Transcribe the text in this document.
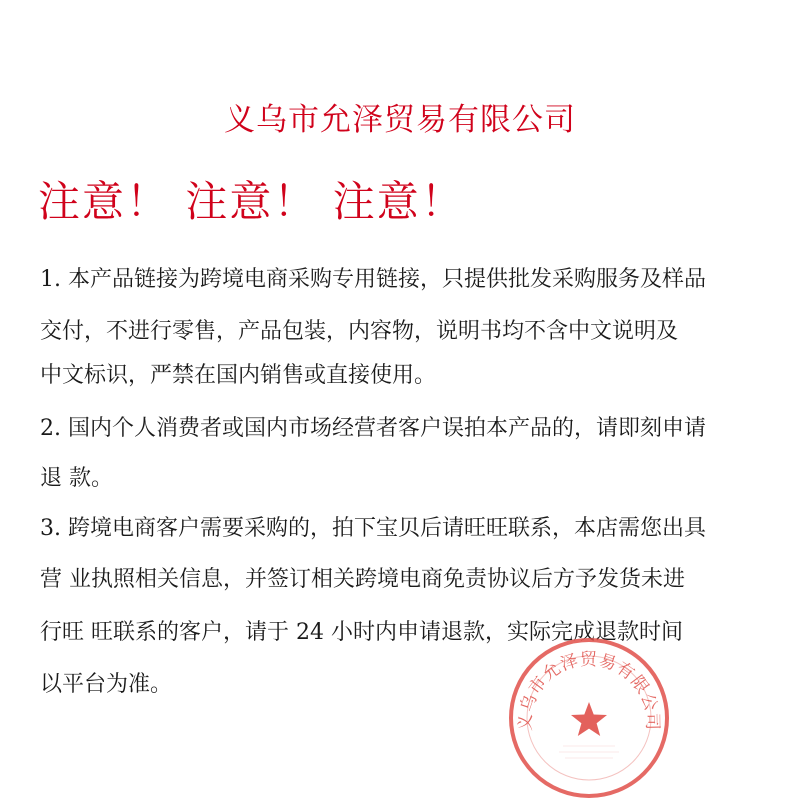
义乌市允泽贸易有限公司
注意！ 注意！ 注意！
1. 本产品链接为跨境电商采购专用链接，只提供批发采购服务及样品
交付，不进行零售，产品包装，内容物，说明书均不含中文说明及
中文标识，严禁在国内销售或直接使用。
2. 国内个人消费者或国内市场经营者客户误拍本产品的，请即刻申请
退 款。
3. 跨境电商客户需要采购的，拍下宝贝后请旺旺联系，本店需您出具
营 业执照相关信息，并签订相关跨境电商免责协议后方予发货未进
行旺 旺联系的客户，请于 24 小时内申请退款，实际完成退款时间
以平台为准。
义乌市允泽贸易有限公司
